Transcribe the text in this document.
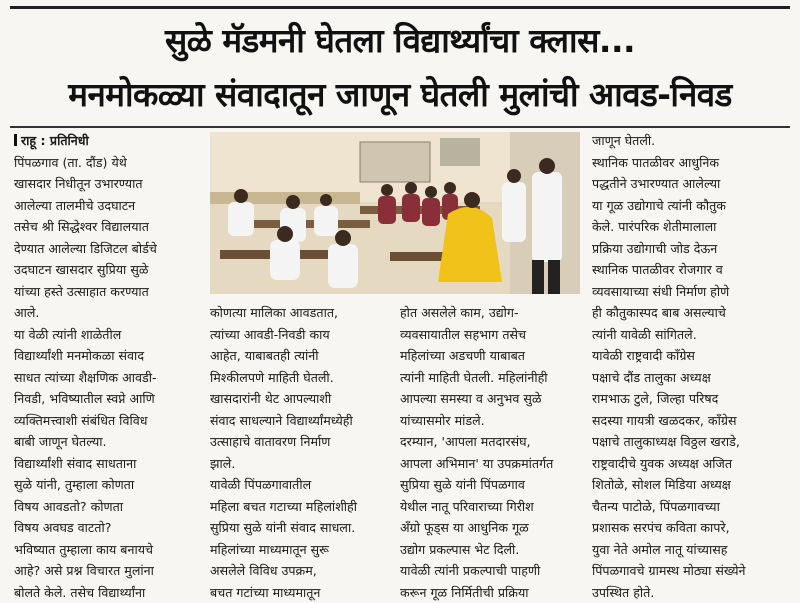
सुळे मॅडमनी घेतला विद्यार्थ्यांचा क्लास...
मनमोकळ्या संवादातून जाणून घेतली मुलांची आवड-निवड

राहू : प्रतिनिधी

पिंपळगाव (ता. दौंड) येथे

खासदार निधीतून उभारण्यात

आलेल्या तालमीचे उदघाटन

तसेच श्री सिद्धेश्वर विद्यालयात

देण्यात आलेल्या डिजिटल बोर्डचे

उदघाटन खासदार सुप्रिया सुळे

यांच्या हस्ते उत्साहात करण्यात

आले.

या वेळी त्यांनी शाळेतील

विद्यार्थ्यांशी मनमोकळा संवाद

साधत त्यांच्या शैक्षणिक आवडी-

निवडी, भविष्यातील स्वप्ने आणि

व्यक्तिमत्त्वाशी संबंधित विविध

बाबी जाणून घेतल्या.

विद्यार्थ्यांशी संवाद साधताना

सुळे यांनी, तुम्हाला कोणता

विषय आवडतो? कोणता

विषय अवघड वाटतो?

भविष्यात तुम्हाला काय बनायचे

आहे? असे प्रश्न विचारत मुलांना

बोलते केले. तसेच विद्यार्थ्यांना

कोणत्या मालिका आवडतात,

त्यांच्या आवडी-निवडी काय

आहेत, याबाबतही त्यांनी

मिश्कीलपणे माहिती घेतली.

खासदारांनी थेट आपल्याशी

संवाद साधल्याने विद्यार्थ्यांमध्येही

उत्साहाचे वातावरण निर्माण

झाले.

यावेळी पिंपळगावातील

महिला बचत गटाच्या महिलांशीही

सुप्रिया सुळे यांनी संवाद साधला.

महिलांच्या माध्यमातून सुरू

असलेले विविध उपक्रम,

बचत गटांच्या माध्यमातून

होत असलेले काम, उद्योग-

व्यवसायातील सहभाग तसेच

महिलांच्या अडचणी याबाबत

त्यांनी माहिती घेतली. महिलांनीही

आपल्या समस्या व अनुभव सुळे

यांच्यासमोर मांडले.

दरम्यान, 'आपला मतदारसंघ,

आपला अभिमान' या उपक्रमांतर्गत

सुप्रिया सुळे यांनी पिंपळगाव

येथील नातू परिवाराच्या गिरीश

अँग्रो फूड्स या आधुनिक गूळ

उद्योग प्रकल्पास भेट दिली.

यावेळी त्यांनी प्रकल्पाची पाहणी

करून गूळ निर्मितीची प्रक्रिया

जाणून घेतली.

स्थानिक पातळीवर आधुनिक

पद्धतीने उभारण्यात आलेल्या

या गूळ उद्योगाचे त्यांनी कौतुक

केले. पारंपरिक शेतीमालाला

प्रक्रिया उद्योगाची जोड देऊन

स्थानिक पातळीवर रोजगार व

व्यवसायाच्या संधी निर्माण होणे

ही कौतुकास्पद बाब असल्याचे

त्यांनी यावेळी सांगितले.

यावेळी राष्ट्रवादी काँग्रेस

पक्षाचे दौंड तालुका अध्यक्ष

रामभाऊ टुले, जिल्हा परिषद

सदस्या गायत्री खळदकर, काँग्रेस

पक्षाचे तालुकाध्यक्ष विठ्ठल खराडे,

राष्ट्रवादीचे युवक अध्यक्ष अजित

शितोळे, सोशल मिडिया अध्यक्ष

चैतन्य पाटोळे, पिंपळगावच्या

प्रशासक सरपंच कविता कापरे,

युवा नेते अमोल नातू यांच्यासह

पिंपळगावचे ग्रामस्थ मोठ्या संख्येने

उपस्थित होते.
